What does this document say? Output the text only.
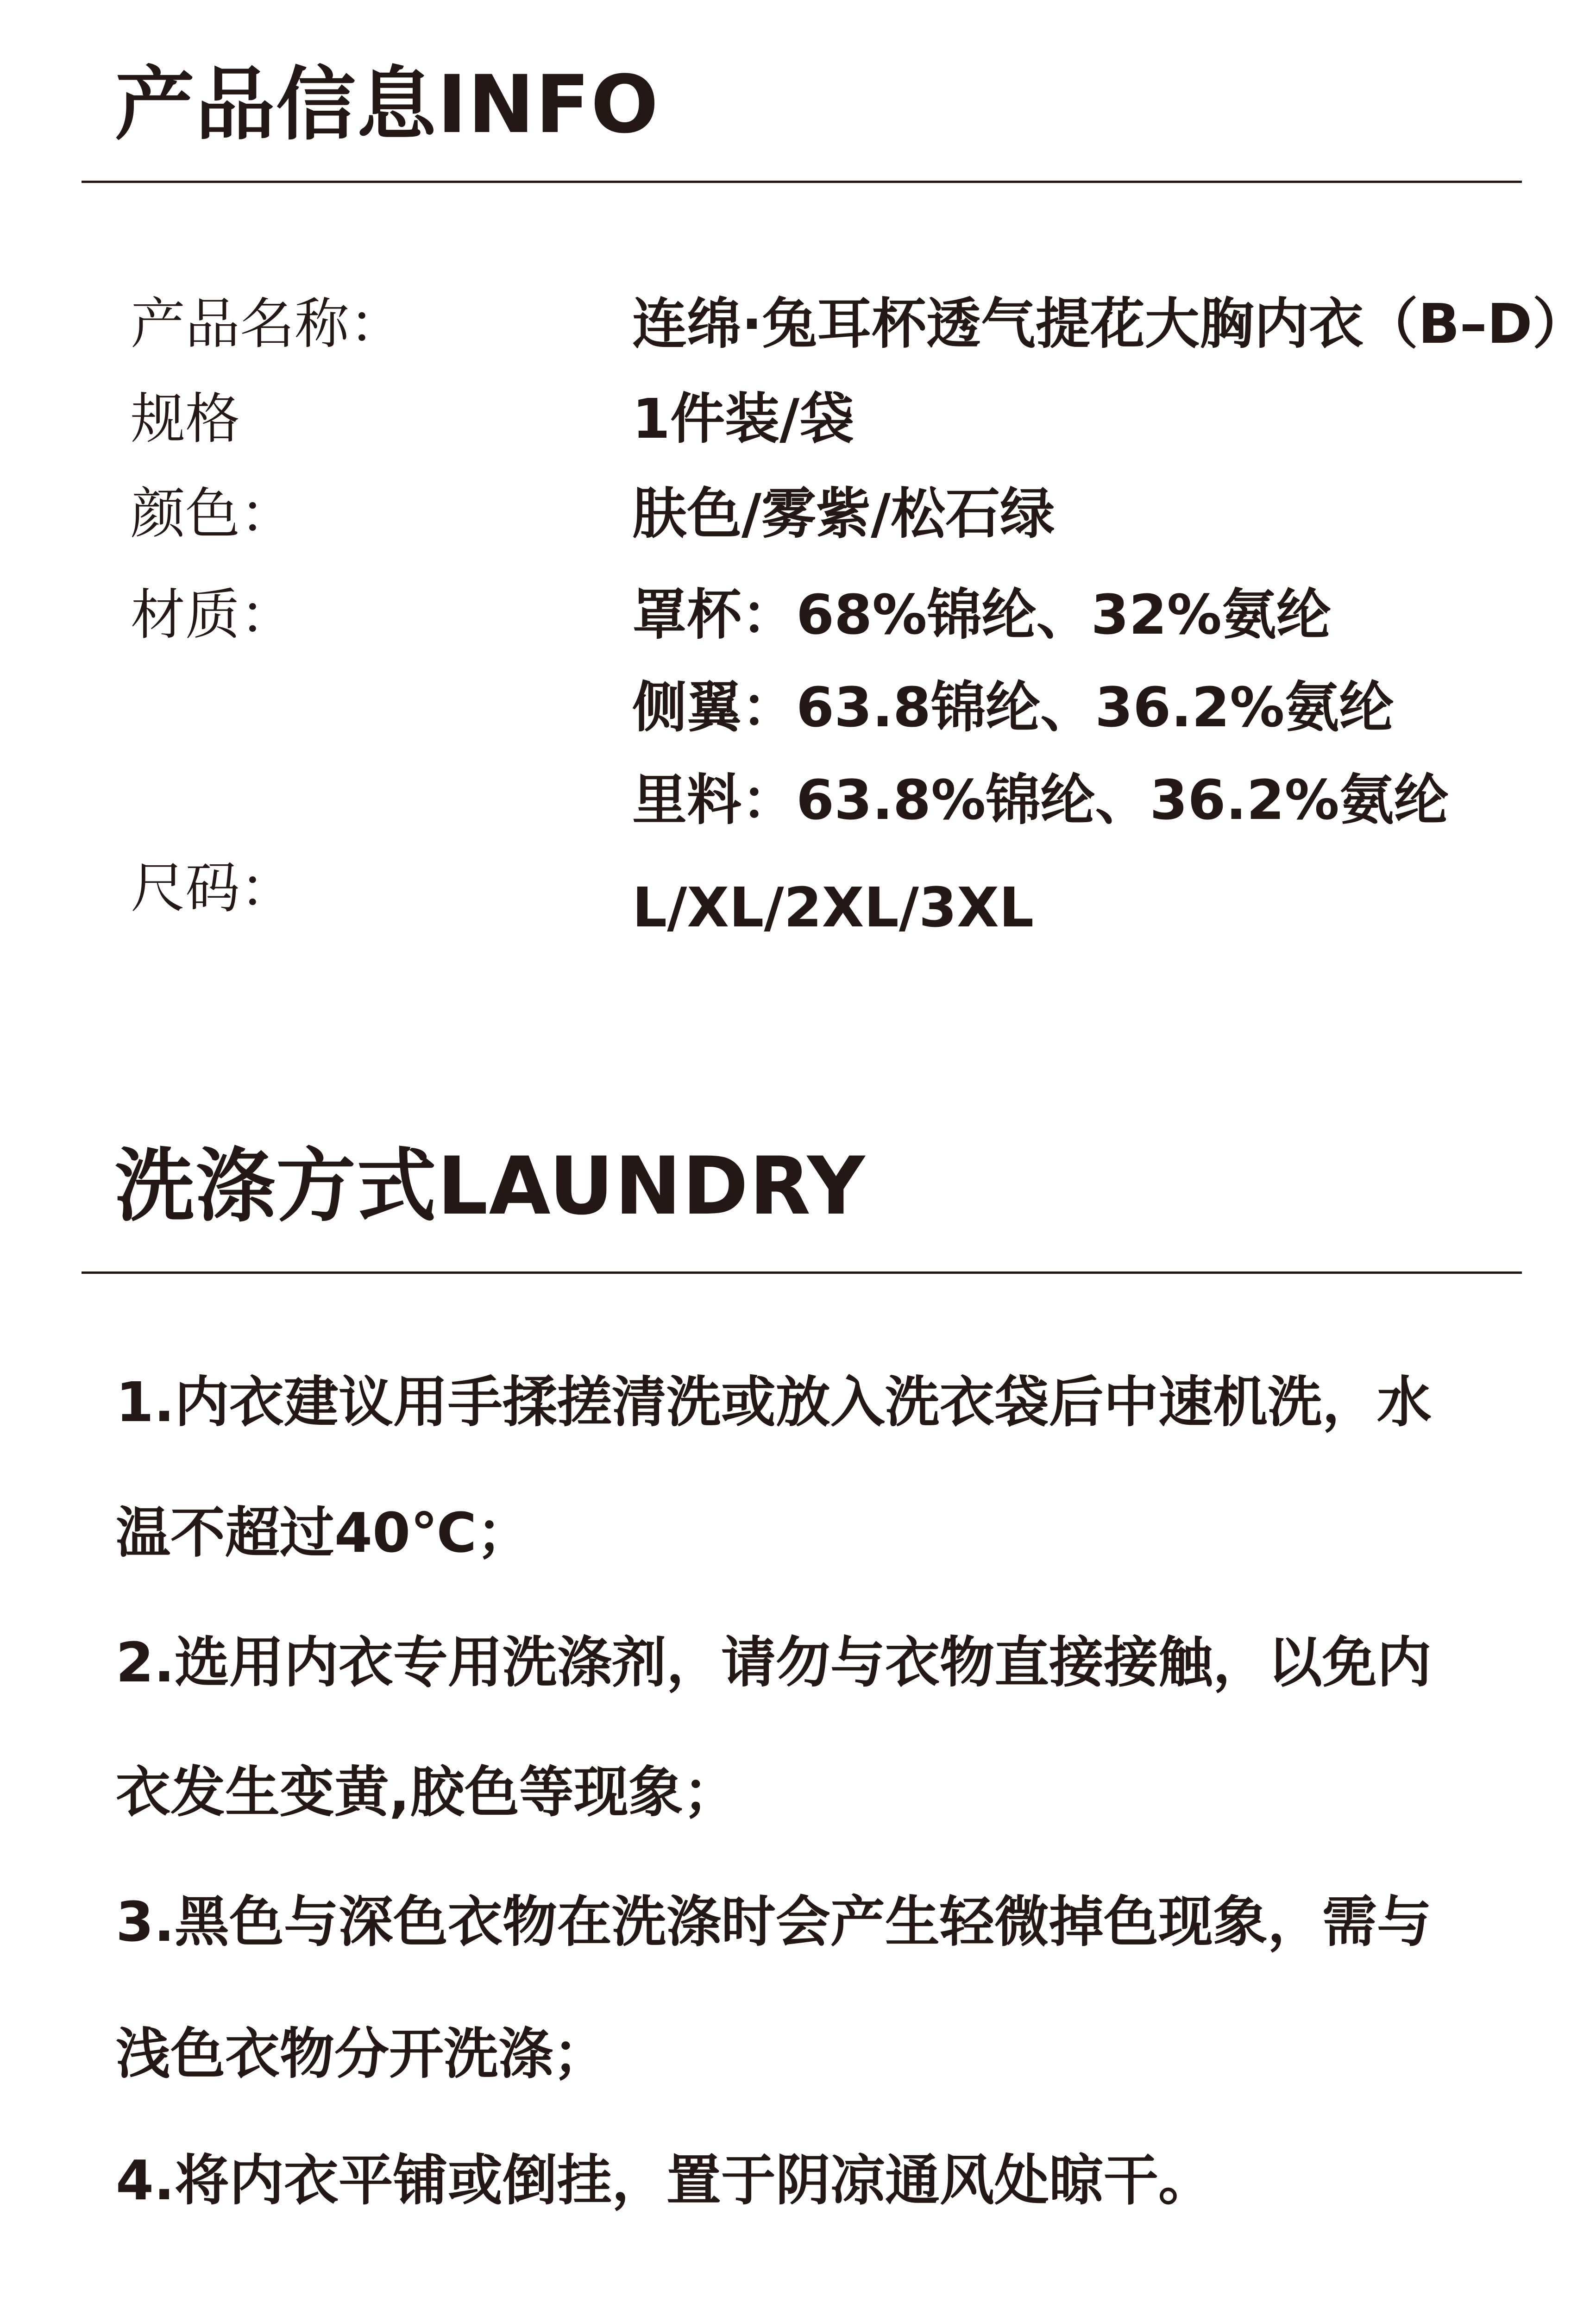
产品信息INFO
产品名称：	连绵·兔耳杯透气提花大胸内衣（B–D）
规格	1件装/袋
颜色：	肤色/雾紫/松石绿
材质：	罩杯：68%锦纶、32%氨纶
侧翼：63.8锦纶、36.2%氨纶
里料：63.8%锦纶、36.2%氨纶
尺码：	L/XL/2XL/3XL
洗涤方式LAUNDRY
1.内衣建议用手揉搓清洗或放入洗衣袋后中速机洗，水
温不超过40℃；
2.选用内衣专用洗涤剂，请勿与衣物直接接触，以免内
衣发生变黄,胶色等现象；
3.黑色与深色衣物在洗涤时会产生轻微掉色现象，需与
浅色衣物分开洗涤；
4.将内衣平铺或倒挂，置于阴凉通风处晾干。
